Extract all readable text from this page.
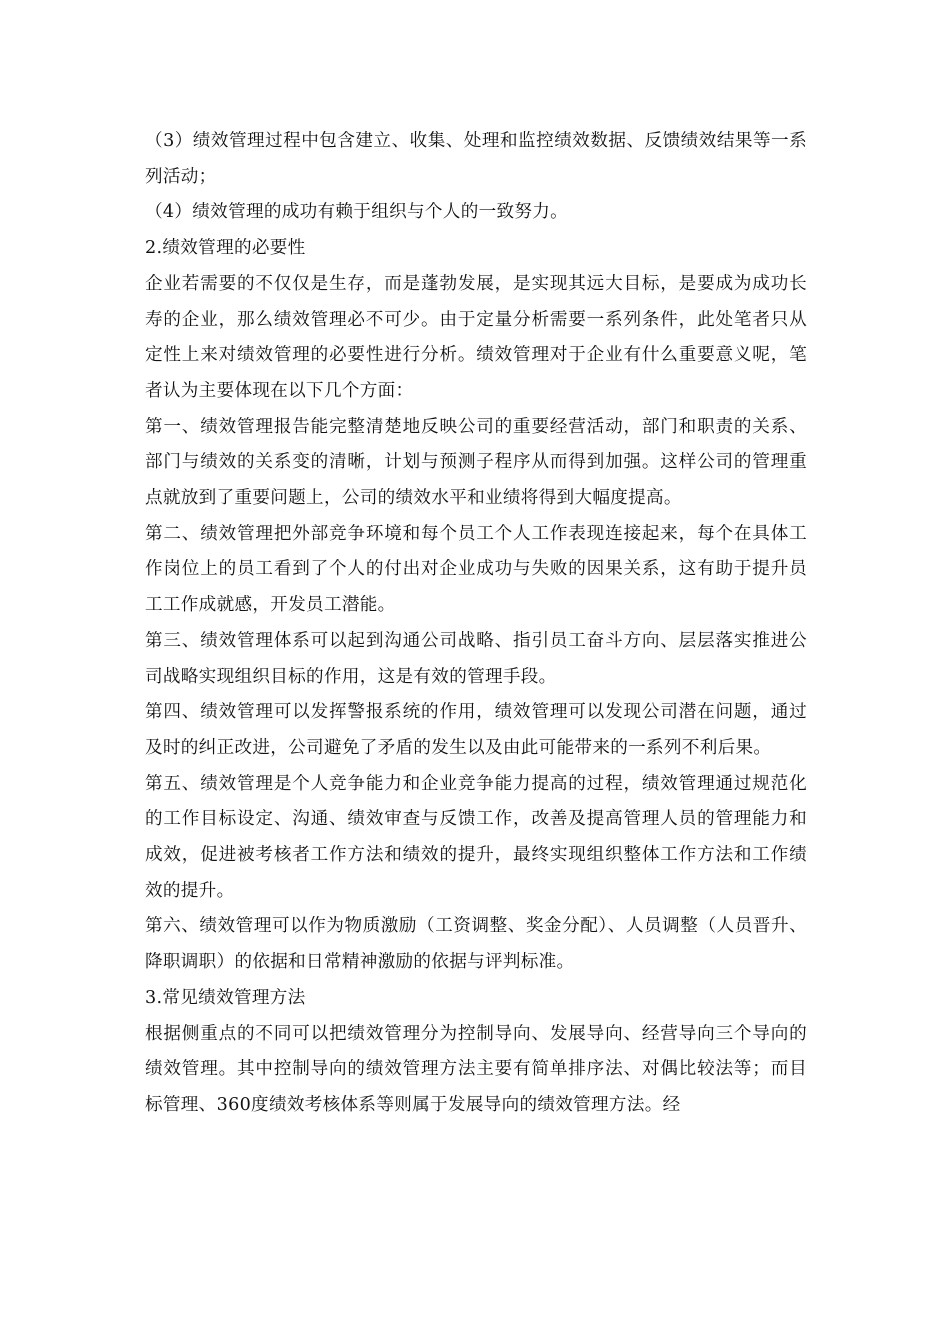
（3）绩效管理过程中包含建立、收集、处理和监控绩效数据、反馈绩效结果等一系列活动；

（4）绩效管理的成功有赖于组织与个人的一致努力。

2.绩效管理的必要性

企业若需要的不仅仅是生存，而是蓬勃发展，是实现其远大目标，是要成为成功长寿的企业，那么绩效管理必不可少。由于定量分析需要一系列条件，此处笔者只从定性上来对绩效管理的必要性进行分析。绩效管理对于企业有什么重要意义呢，笔者认为主要体现在以下几个方面：

第一、绩效管理报告能完整清楚地反映公司的重要经营活动，部门和职责的关系、部门与绩效的关系变的清晰，计划与预测子程序从而得到加强。这样公司的管理重点就放到了重要问题上，公司的绩效水平和业绩将得到大幅度提高。

第二、绩效管理把外部竞争环境和每个员工个人工作表现连接起来，每个在具体工作岗位上的员工看到了个人的付出对企业成功与失败的因果关系，这有助于提升员工工作成就感，开发员工潜能。

第三、绩效管理体系可以起到沟通公司战略、指引员工奋斗方向、层层落实推进公司战略实现组织目标的作用，这是有效的管理手段。

第四、绩效管理可以发挥警报系统的作用，绩效管理可以发现公司潜在问题，通过及时的纠正改进，公司避免了矛盾的发生以及由此可能带来的一系列不利后果。

第五、绩效管理是个人竞争能力和企业竞争能力提高的过程，绩效管理通过规范化的工作目标设定、沟通、绩效审查与反馈工作，改善及提高管理人员的管理能力和成效，促进被考核者工作方法和绩效的提升，最终实现组织整体工作方法和工作绩效的提升。

第六、绩效管理可以作为物质激励（工资调整、奖金分配）、人员调整（人员晋升、降职调职）的依据和日常精神激励的依据与评判标准。

3.常见绩效管理方法

根据侧重点的不同可以把绩效管理分为控制导向、发展导向、经营导向三个导向的绩效管理。其中控制导向的绩效管理方法主要有简单排序法、对偶比较法等；而目标管理、360度绩效考核体系等则属于发展导向的绩效管理方法。经
